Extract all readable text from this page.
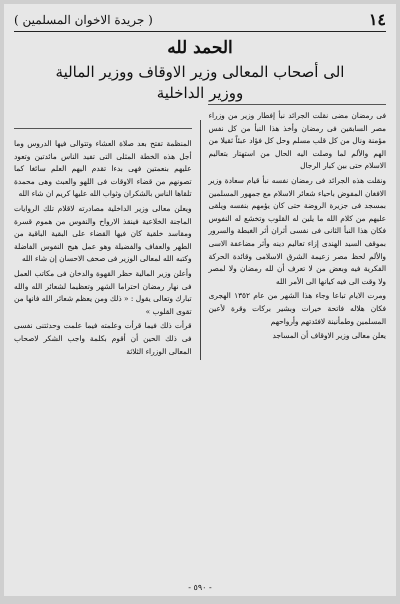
١٤
( جريدة الاخوان المسلمين )
الحمد لله
الى أصحاب المعالى وزير الاوقاف ووزير المالية
ووزير الداخلية

فى رمضان مضى نقلت الجرائد نبأ إفطار وزير من وزراء مصر السابقين فى رمضان وأخذ هذا النبأ من كل نفس مؤمنة ونال من كل قلب مسلم وحل كل فؤاد عبئاً ثقيلا من الهم والألم لما وصلت اليه الحال من استهتار بتعاليم الاسلام حتى بين كبار الرجال

ونقلت هذه الجرائد فى رمضان نفسه نبأ قيام سعادة وزير الافغان المفوض باحياء شعائر الاسلام مع جمهور المسلمين بمسجد فى جزيرة الروضة حتى كان يؤمهم بنفسه ويلقى عليهم من كلام الله ما يلين له القلوب وتخشع له النفوس فكان هذا النبأ الثانى فى نفسى أثران أثر الغبطة والسرور بموقف السيد الهندى إزاء تعاليم دينه وأثر مضاعفة الاسى والألم لحظ مصر زعيمة الشرق الاسلامى وقائدة الحركة الفكرية فيه وبعض من لا تعرف أن لله رمضان ولا لمصر ولا وقت الى فيه كيانها الى الأمر الله

ومرت الايام تباعا وجاء هذا الشهر من عام ١٣٥٢ الهجرى فكان هلاله فاتحة خيرات وبشير بركات وقرة لأعين المسلمين وطمأنينة لافئدتهم وأرواحهم

يعلن معالى وزير الاوقاف أن المساجد

المنظمة تفتح بعد صلاة العشاء وتتوالى فيها الدروس وما أجل هذه الخطة المثلى التى تفيد الناس مائدتين وتعود عليهم بنعمتين فهى بدءا تقدم اليهم العلم سائغا كما تصونهم من قضاء الاوقات فى اللهو والعبث وهى محمدة تلقاها الناس بالشكران وثواب الله عليها كريم ان شاء الله

ويعلن معالى وزير الداخلية مصادرته لاقلام تلك الروايات الماجنة الخلاعية فينقذ الارواح والنفوس من هموم قسرة ومقاسد خلقية كان فيها القضاء على البقية الباقية من الطهر والعفاف والفضيلة وهو عمل هيج النفوس الفاضلة وكتبه الله لمعالى الوزير فى صحف الاحسان إن شاء الله

وأعلن وزير المالية حظر القهوة والدخان فى مكاتب العمل فى نهار رمضان احتراما الشهر وتعظيما لشعائر الله والله تبارك وتعالى يقول : « ذلك ومن يعظم شعائر الله فانها من تقوى القلوب »

قرأت ذلك فيما قرأت وعلمته فيما علمت وحدثتنى نفسى فى ذلك الحين أن أقوم بكلمة واجب الشكر لاصحاب المعالى الوزراء الثلاثة

- ٥٩٠ -
